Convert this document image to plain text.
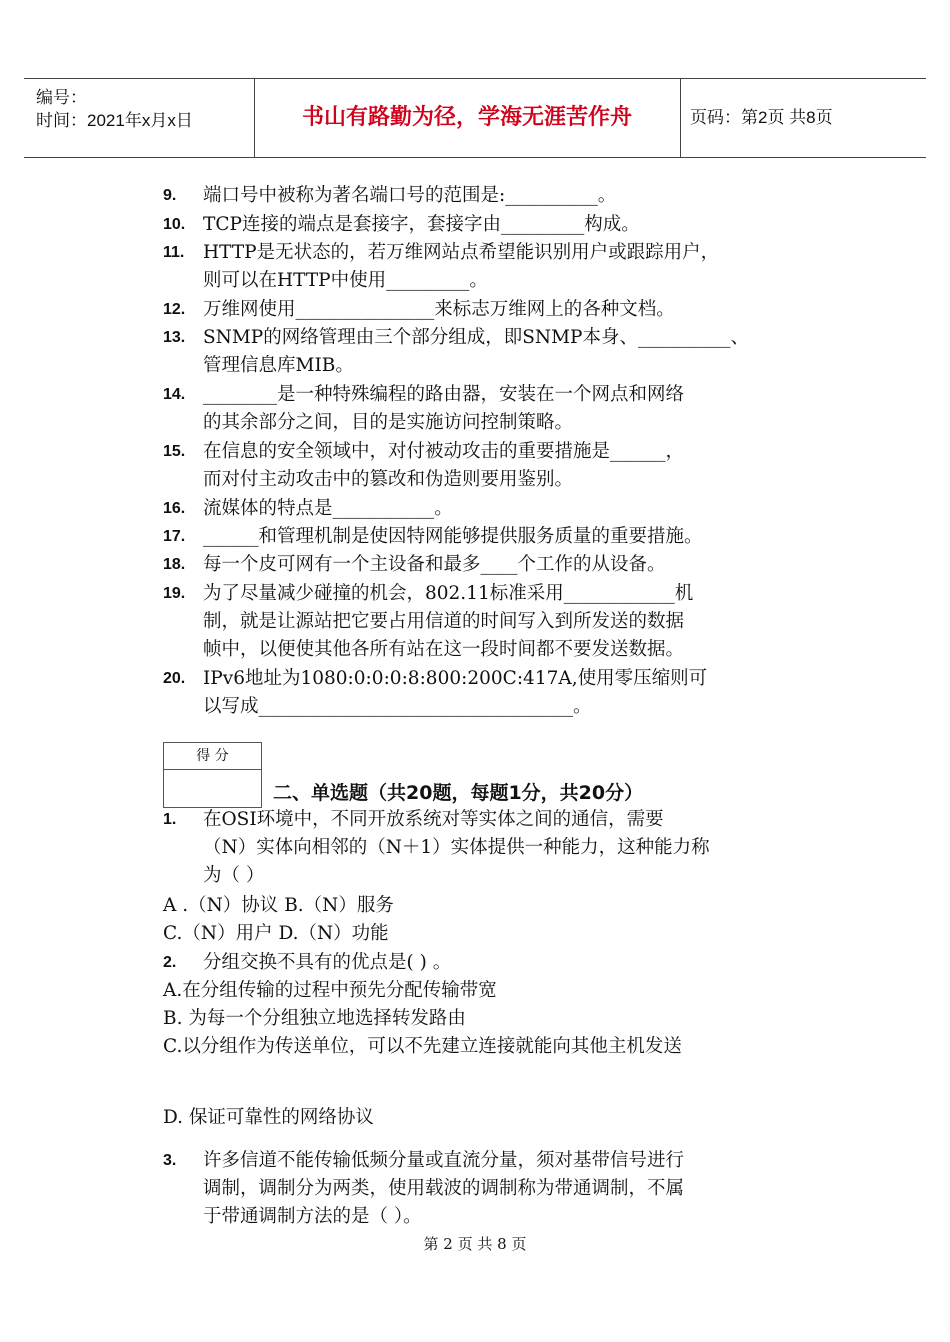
编号：
时间：2021年x月x日	书山有路勤为径，学海无涯苦作舟	页码：第2页 共8页
9. 端口号中被称为著名端口号的范围是:__________。
10. TCP连接的端点是套接字，套接字由_________构成。
11. HTTP是无状态的，若万维网站点希望能识别用户或跟踪用户，
则可以在HTTP中使用_________。
12. 万维网使用_______________来标志万维网上的各种文档。
13. SNMP的网络管理由三个部分组成，即SNMP本身、__________、
管理信息库MIB。
14. ________是一种特殊编程的路由器，安装在一个网点和网络
的其余部分之间，目的是实施访问控制策略。
15. 在信息的安全领域中，对付被动攻击的重要措施是______，
而对付主动攻击中的篡改和伪造则要用鉴别。
16. 流媒体的特点是___________。
17. ______和管理机制是使因特网能够提供服务质量的重要措施。
18. 每一个皮可网有一个主设备和最多____个工作的从设备。
19. 为了尽量减少碰撞的机会，802.11标准采用____________机
制，就是让源站把它要占用信道的时间写入到所发送的数据
帧中，以便使其他各所有站在这一段时间都不要发送数据。
20. IPv6地址为1080:0:0:0:8:800:200C:417A,使用零压缩则可
以写成__________________________________。
得 分
二、单选题（共20题，每题1分，共20分）
1. 在OSI环境中，不同开放系统对等实体之间的通信，需要
（N）实体向相邻的（N＋1）实体提供一种能力，这种能力称
为（ ）
A .（N）协议 B.（N）服务
C.（N）用户 D.（N）功能
2. 分组交换不具有的优点是( ) 。
A.在分组传输的过程中预先分配传输带宽
B. 为每一个分组独立地选择转发路由
C.以分组作为传送单位，可以不先建立连接就能向其他主机发送
D. 保证可靠性的网络协议
3. 许多信道不能传输低频分量或直流分量，须对基带信号进行
调制，调制分为两类，使用载波的调制称为带通调制，不属
于带通调制方法的是（ ）。
第 2 页 共 8 页
